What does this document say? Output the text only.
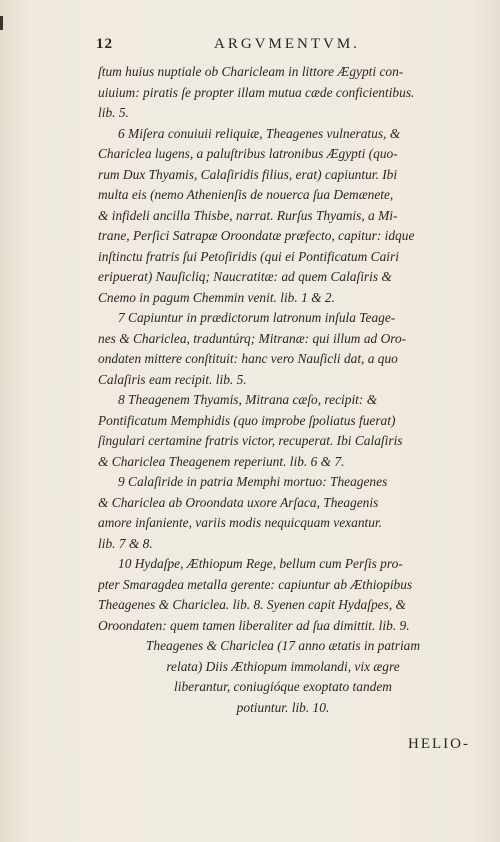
12	ARGVMENTVM.
ſtum huius nuptiale ob Charicleam in littore Ægypti con-
uiuium: piratis ſe propter illam mutua cæde conficientibus.
lib. 5.
6 Miſera conuiuii reliquiæ, Theagenes vulneratus, &
Chariclea lugens, a paluſtribus latronibus Ægypti (quo-
rum Dux Thyamis, Calaſiridis filius, erat) capiuntur. Ibi
multa eis (nemo Athenienſis de nouerca ſua Demænete,
& infideli ancilla Thisbe, narrat. Rurſus Thyamis, a Mi-
trane, Perſici Satrapæ Oroondatæ præfecto, capitur: idque
inſtinctu fratris ſui Petoſiridis (qui ei Pontificatum Cairi
eripuerat) Nauſicliq; Naucratitæ: ad quem Calaſiris &
Cnemo in pagum Chemmin venit. lib. 1 & 2.
7 Capiuntur in prædictorum latronum inſula Teage-
nes & Chariclea, traduntúrq; Mitranæ: qui illum ad Oro-
ondaten mittere conſtituit: hanc vero Nauſicli dat, a quo
Calaſiris eam recipit. lib. 5.
8 Theagenem Thyamis, Mitrana cæſo, recipit: &
Pontificatum Memphidis (quo improbe ſpoliatus fuerat)
ſingulari certamine fratris victor, recuperat. Ibi Calaſiris
& Chariclea Theagenem reperiunt. lib. 6 & 7.
9 Calaſiride in patria Memphi mortuo: Theagenes
& Chariclea ab Oroondata uxore Arſaca, Theagenis
amore inſaniente, variis modis nequicquam vexantur.
lib. 7 & 8.
10 Hydaſpe, Æthiopum Rege, bellum cum Perſis pro-
pter Smaragdea metalla gerente: capiuntur ab Æthiopibus
Theagenes & Chariclea. lib. 8. Syenen capit Hydaſpes, &
Oroondaten: quem tamen liberaliter ad ſua dimittit. lib. 9.
Theagenes & Chariclea (17 anno ætatis in patriam
relata) Diis Æthiopum immolandi, vix ægre
liberantur, coniugióque exoptato tandem
potiuntur. lib. 10.
HELIO-
